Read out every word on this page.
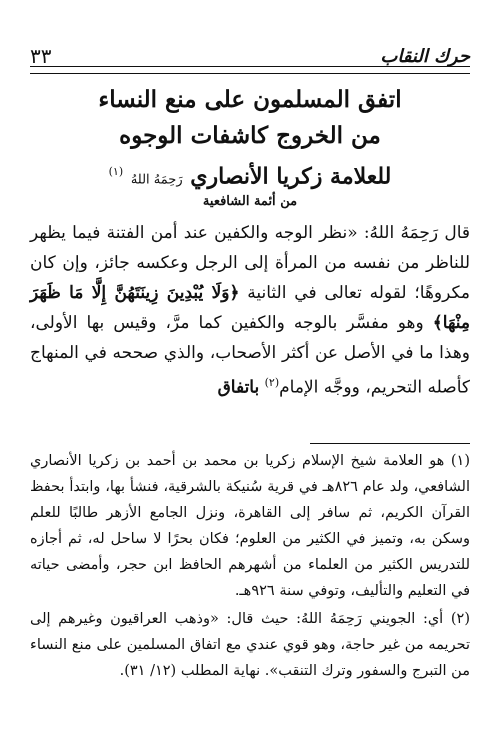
حرك النقاب
٣٣
اتفق المسلمون على منع النساء
من الخروج كاشفات الوجوه
للعلامة زكريا الأنصاري رَحِمَهُ اللهُ $^{(١)}$
من أئمة الشافعية
قال رَحِمَهُ اللهُ: «نظر الوجه والكفين عند أمن الفتنة فيما يظهر للناظر من نفسه من المرأة إلى الرجل وعكسه جائز، وإن كان مكروهًا؛ لقوله تعالى في الثانية ﴿وَلَا يُبْدِينَ زِينَتَهُنَّ إِلَّا مَا ظَهَرَ مِنْهَا﴾ وهو مفسَّر بالوجه والكفين كما مرَّ، وقيس بها الأولى، وهذا ما في الأصل عن أكثر الأصحاب، والذي صححه في المنهاج كأصله التحريم، ووجَّه الإمام$^{(٢)}$ باتفاق

(١) هو العلامة شيخ الإسلام زكريا بن محمد بن أحمد بن زكريا الأنصاري الشافعي، ولد عام ٨٢٦هـ في قرية سُنيكة بالشرقية، فنشأ بها، وابتدأ بحفظ القرآن الكريم، ثم سافر إلى القاهرة، ونزل الجامع الأزهر طالبًا للعلم وسكن به، وتميز في الكثير من العلوم؛ فكان بحرًا لا ساحل له، ثم أجازه للتدريس الكثير من العلماء من أشهرهم الحافظ ابن حجر، وأمضى حياته في التعليم والتأليف، وتوفي سنة ٩٢٦هـ.

(٢) أي: الجويني رَحِمَهُ اللهُ: حيث قال: «وذهب العراقيون وغيرهم إلى تحريمه من غير حاجة، وهو قوي عندي مع اتفاق المسلمين على منع النساء من التبرج والسفور وترك التنقب». نهاية المطلب (١٢/ ٣١).
